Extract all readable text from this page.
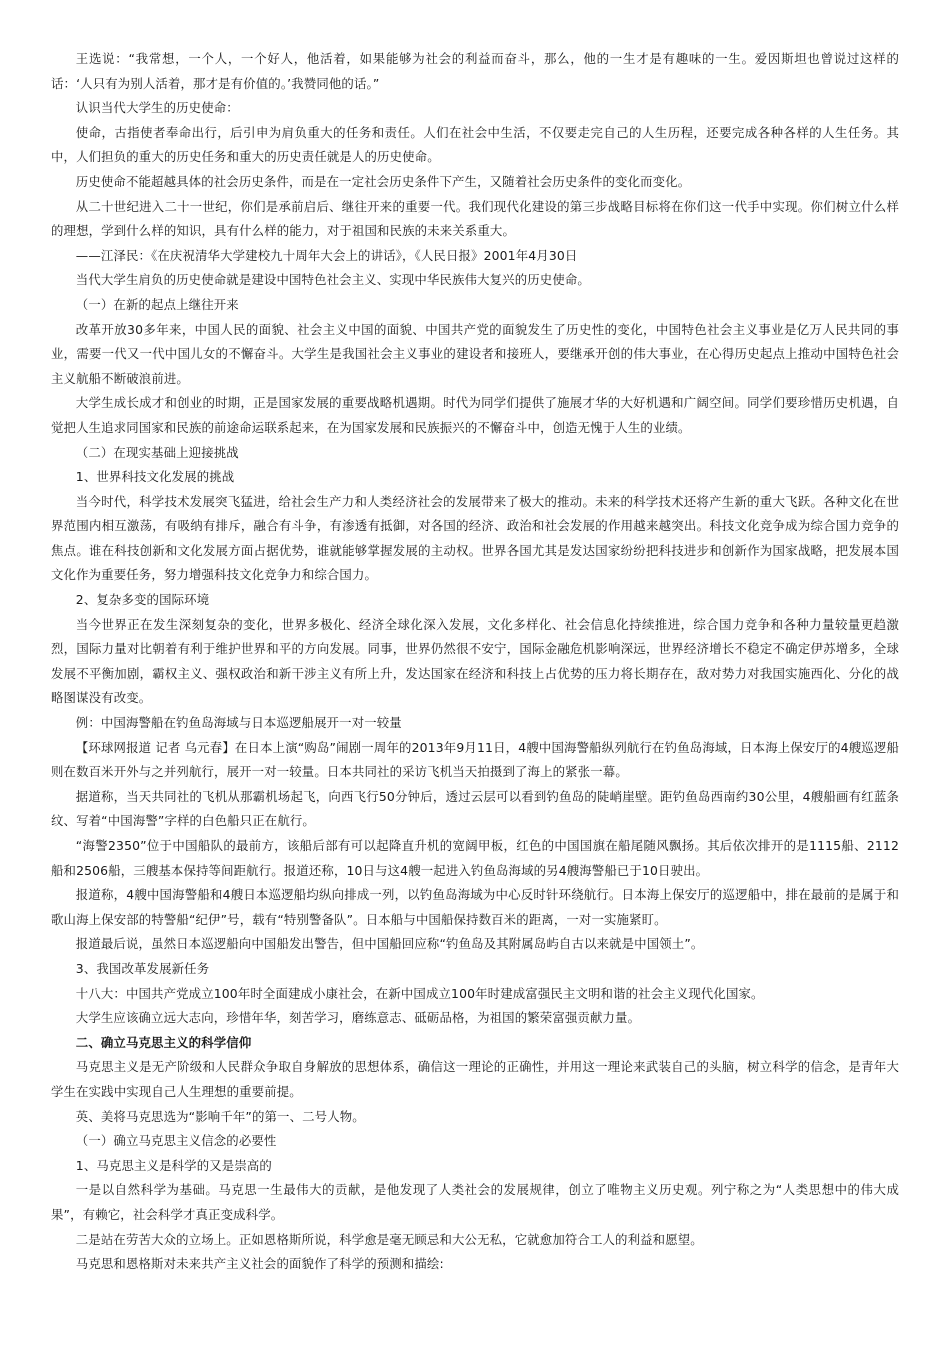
王选说：“我常想，一个人，一个好人，他活着，如果能够为社会的利益而奋斗，那么，他的一生才是有趣味的一生。爱因斯坦也曾说过这样的话：‘人只有为别人活着，那才是有价值的。’我赞同他的话。”

认识当代大学生的历史使命：

使命，古指使者奉命出行，后引申为肩负重大的任务和责任。人们在社会中生活，不仅要走完自己的人生历程，还要完成各种各样的人生任务。其中，人们担负的重大的历史任务和重大的历史责任就是人的历史使命。

历史使命不能超越具体的社会历史条件，而是在一定社会历史条件下产生，又随着社会历史条件的变化而变化。

从二十世纪进入二十一世纪，你们是承前启后、继往开来的重要一代。我们现代化建设的第三步战略目标将在你们这一代手中实现。你们树立什么样的理想，学到什么样的知识，具有什么样的能力，对于祖国和民族的未来关系重大。

——江泽民：《在庆祝清华大学建校九十周年大会上的讲话》，《人民日报》2001年4月30日

当代大学生肩负的历史使命就是建设中国特色社会主义、实现中华民族伟大复兴的历史使命。

（一）在新的起点上继往开来

改革开放30多年来，中国人民的面貌、社会主义中国的面貌、中国共产党的面貌发生了历史性的变化，中国特色社会主义事业是亿万人民共同的事业，需要一代又一代中国儿女的不懈奋斗。大学生是我国社会主义事业的建设者和接班人，要继承开创的伟大事业，在心得历史起点上推动中国特色社会主义航船不断破浪前进。

大学生成长成才和创业的时期，正是国家发展的重要战略机遇期。时代为同学们提供了施展才华的大好机遇和广阔空间。同学们要珍惜历史机遇，自觉把人生追求同国家和民族的前途命运联系起来，在为国家发展和民族振兴的不懈奋斗中，创造无愧于人生的业绩。

（二）在现实基础上迎接挑战

1、世界科技文化发展的挑战

当今时代，科学技术发展突飞猛进，给社会生产力和人类经济社会的发展带来了极大的推动。未来的科学技术还将产生新的重大飞跃。各种文化在世界范围内相互激荡，有吸纳有排斥，融合有斗争，有渗透有抵御，对各国的经济、政治和社会发展的作用越来越突出。科技文化竞争成为综合国力竞争的焦点。谁在科技创新和文化发展方面占据优势，谁就能够掌握发展的主动权。世界各国尤其是发达国家纷纷把科技进步和创新作为国家战略，把发展本国文化作为重要任务，努力增强科技文化竞争力和综合国力。

2、复杂多变的国际环境

当今世界正在发生深刻复杂的变化，世界多极化、经济全球化深入发展，文化多样化、社会信息化持续推进，综合国力竞争和各种力量较量更趋激烈，国际力量对比朝着有利于维护世界和平的方向发展。同事，世界仍然很不安宁，国际金融危机影响深远，世界经济增长不稳定不确定伊苏增多，全球发展不平衡加剧，霸权主义、强权政治和新干涉主义有所上升，发达国家在经济和科技上占优势的压力将长期存在，敌对势力对我国实施西化、分化的战略图谋没有改变。

例：中国海警船在钓鱼岛海域与日本巡逻船展开一对一较量

【环球网报道 记者 乌元春】在日本上演“购岛”闹剧一周年的2013年9月11日，4艘中国海警船纵列航行在钓鱼岛海域，日本海上保安厅的4艘巡逻船则在数百米开外与之并列航行，展开一对一较量。日本共同社的采访飞机当天拍摄到了海上的紧张一幕。

据道称，当天共同社的飞机从那霸机场起飞，向西飞行50分钟后，透过云层可以看到钓鱼岛的陡峭崖壁。距钓鱼岛西南约30公里，4艘船画有红蓝条纹、写着“中国海警”字样的白色船只正在航行。

“海警2350”位于中国船队的最前方，该船后部有可以起降直升机的宽阔甲板，红色的中国国旗在船尾随风飘扬。其后依次排开的是1115船、2112船和2506船，三艘基本保持等间距航行。报道还称，10日与这4艘一起进入钓鱼岛海域的另4艘海警船已于10日驶出。

报道称，4艘中国海警船和4艘日本巡逻船均纵向排成一列，以钓鱼岛海域为中心反时针环绕航行。日本海上保安厅的巡逻船中，排在最前的是属于和歌山海上保安部的特警船“纪伊”号，载有“特别警备队”。日本船与中国船保持数百米的距离，一对一实施紧盯。

报道最后说，虽然日本巡逻船向中国船发出警告，但中国船回应称“钓鱼岛及其附属岛屿自古以来就是中国领土”。

3、我国改革发展新任务

十八大：中国共产党成立100年时全面建成小康社会，在新中国成立100年时建成富强民主文明和谐的社会主义现代化国家。

大学生应该确立远大志向，珍惜年华，刻苦学习，磨练意志、砥砺品格，为祖国的繁荣富强贡献力量。

二、确立马克思主义的科学信仰

马克思主义是无产阶级和人民群众争取自身解放的思想体系，确信这一理论的正确性，并用这一理论来武装自己的头脑，树立科学的信念，是青年大学生在实践中实现自己人生理想的重要前提。

英、美将马克思选为“影响千年”的第一、二号人物。

（一）确立马克思主义信念的必要性

1、马克思主义是科学的又是崇高的

一是以自然科学为基础。马克思一生最伟大的贡献，是他发现了人类社会的发展规律，创立了唯物主义历史观。列宁称之为“人类思想中的伟大成果”，有赖它，社会科学才真正变成科学。

二是站在劳苦大众的立场上。正如恩格斯所说，科学愈是毫无顾忌和大公无私，它就愈加符合工人的利益和愿望。

马克思和恩格斯对未来共产主义社会的面貌作了科学的预测和描绘:
